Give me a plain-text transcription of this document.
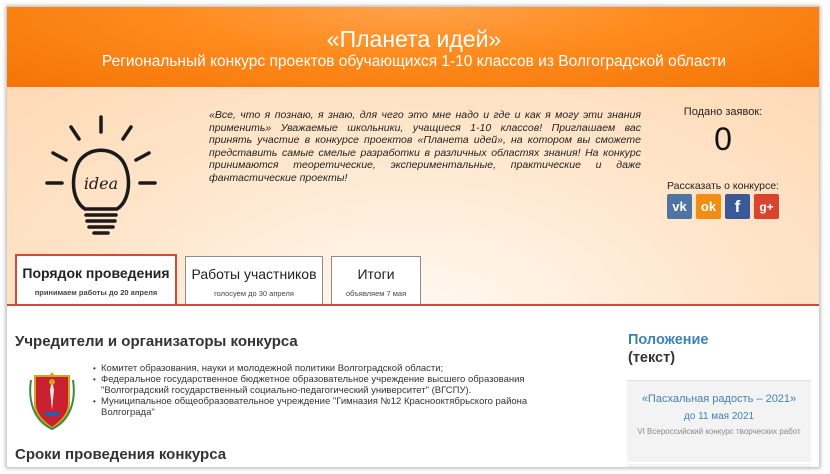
«Планета идей»
Региональный конкурс проектов обучающихся 1-10 классов из Волгоградской области
idea
«Все, что я познаю, я знаю, для чего это мне надо и где и как я могу эти знания применить» Уважаемые школьники, учащиеся 1-10 классов! Приглашаем вас принять участие в конкурсе проектов «Планета идей», на котором вы сможете представить самые смелые разработки в различных областях знания! На конкурс принимаются теоретические, экспериментальные, практические и даже фантастические проекты!
Подано заявок:
0
Рассказать о конкурсе:
vk	ok	f	g+
Порядок проведения
принимаем работы до 20 апреля
Работы участников
голосуем до 30 апреля
Итоги
объявляем 7 мая
Учредители и организаторы конкурса
• Комитет образования, науки и молодежной политики Волгоградской области;
• Федеральное государственное бюджетное образовательное учреждение высшего образования "Волгоградский государственный социально-педагогический университет" (ВГСПУ).
• Муниципальное общеобразовательное учреждение "Гимназия №12 Краснооктябрьского района Волгограда"
Сроки проведения конкурса
Положение
(текст)
«Пасхальная радость – 2021»
до 11 мая 2021
VI Всероссийский конкурс творческих работ
